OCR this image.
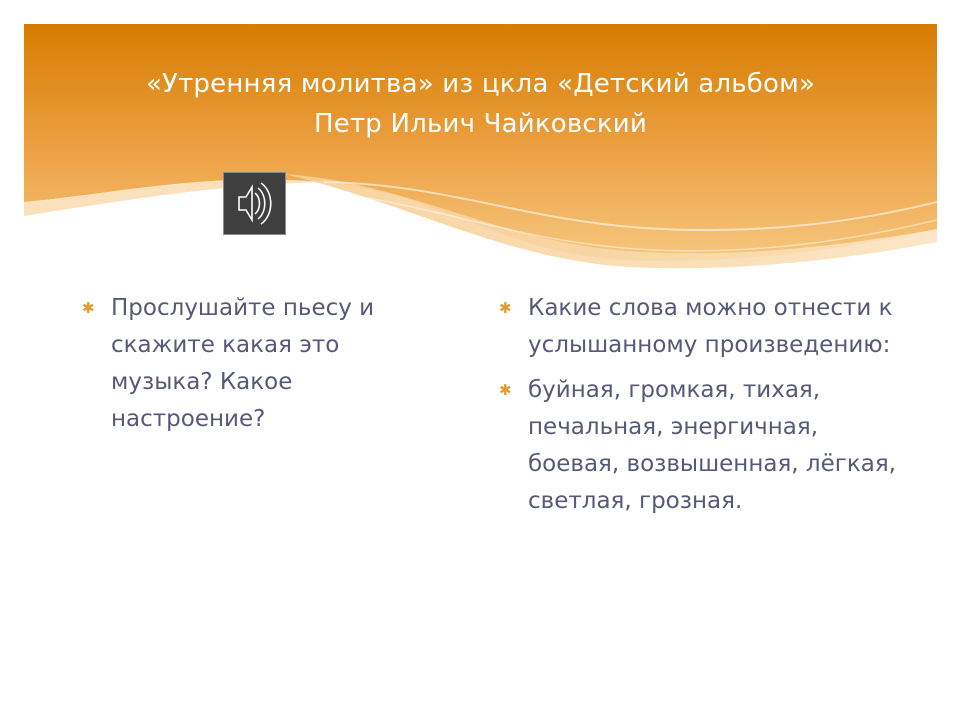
«Утренняя молитва» из цкла «Детский альбом»
Петр Ильич Чайковский
✱ Прослушайте пьесу и скажите какая это музыка? Какое настроение?
✱ Какие слова можно отнести к услышанному произведению:
✱ буйная, громкая, тихая, печальная, энергичная, боевая, возвышенная, лёгкая, светлая, грозная.
